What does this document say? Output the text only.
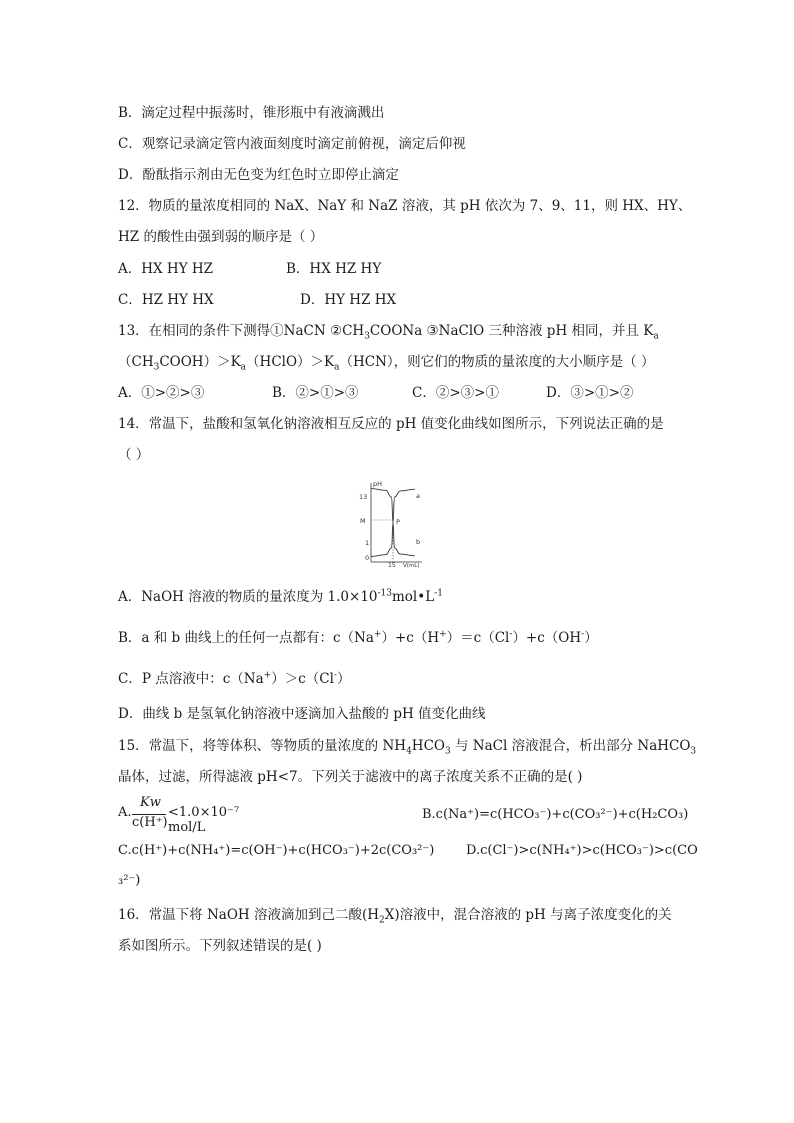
B．滴定过程中振荡时，锥形瓶中有液滴溅出
C．观察记录滴定管内液面刻度时滴定前俯视，滴定后仰视
D．酚酞指示剂由无色变为红色时立即停止滴定
12．物质的量浓度相同的 NaX、NaY 和 NaZ 溶液，其 pH 依次为 7、9、11，则 HX、HY、
HZ 的酸性由强到弱的顺序是（ ）
A．HX HY HZ	B．HX HZ HY
C．HZ HY HX	D．HY HZ HX
13．在相同的条件下测得①NaCN $②CH_3COONa$ ③NaClO 三种溶液 pH 相同，并且 $K_a$
$(CH_3COOH)>K_a(HClO)>K_a(HCN)$，则它们的物质的量浓度的大小顺序是（ ）
A．①>②>③	B．②>①>③	C．②>③>①	D．③>①>②
14．常温下，盐酸和氢氧化钠溶液相互反应的 pH 值变化曲线如图所示，下列说法正确的是
（ ）
pH
V(mL)
13
M
1
0
15
a
b
P
A．NaOH 溶液的物质的量浓度为 $1.0\times 10^{-13}mol•L^{-1}$
B．a 和 b 曲线上的任何一点都有：c（Na+）+c（H+）＝c（Cl-）+c（OH-）
C．P 点溶液中：c（Na+）＞c（Cl-）
D．曲线 b 是氢氧化钠溶液中逐滴加入盐酸的 pH 值变化曲线
15．常温下，将等体积、等物质的量浓度的 $NH_4HCO_3$ 与 NaCl 溶液混合，析出部分 NaHCO$_3$
晶体，过滤，所得滤液 pH<7。下列关于滤液中的离子浓度关系不正确的是( )
A.
Kw
c(H⁺)
<1.0×10⁻⁷ mol/L
B.c(Na⁺)=c(HCO₃⁻)+c(CO₃²⁻)+c(H₂CO₃)
C.c(H⁺)+c(NH₄⁺)=c(OH⁻)+c(HCO₃⁻)+2c(CO₃²⁻) D.c(Cl⁻)>c(NH₄⁺)>c(HCO₃⁻)>c(CO
₃²⁻)
16．常温下将 NaOH 溶液滴加到己二酸$(H_2X)$溶液中，混合溶液的 pH 与离子浓度变化的关
系如图所示。下列叙述错误的是( )
